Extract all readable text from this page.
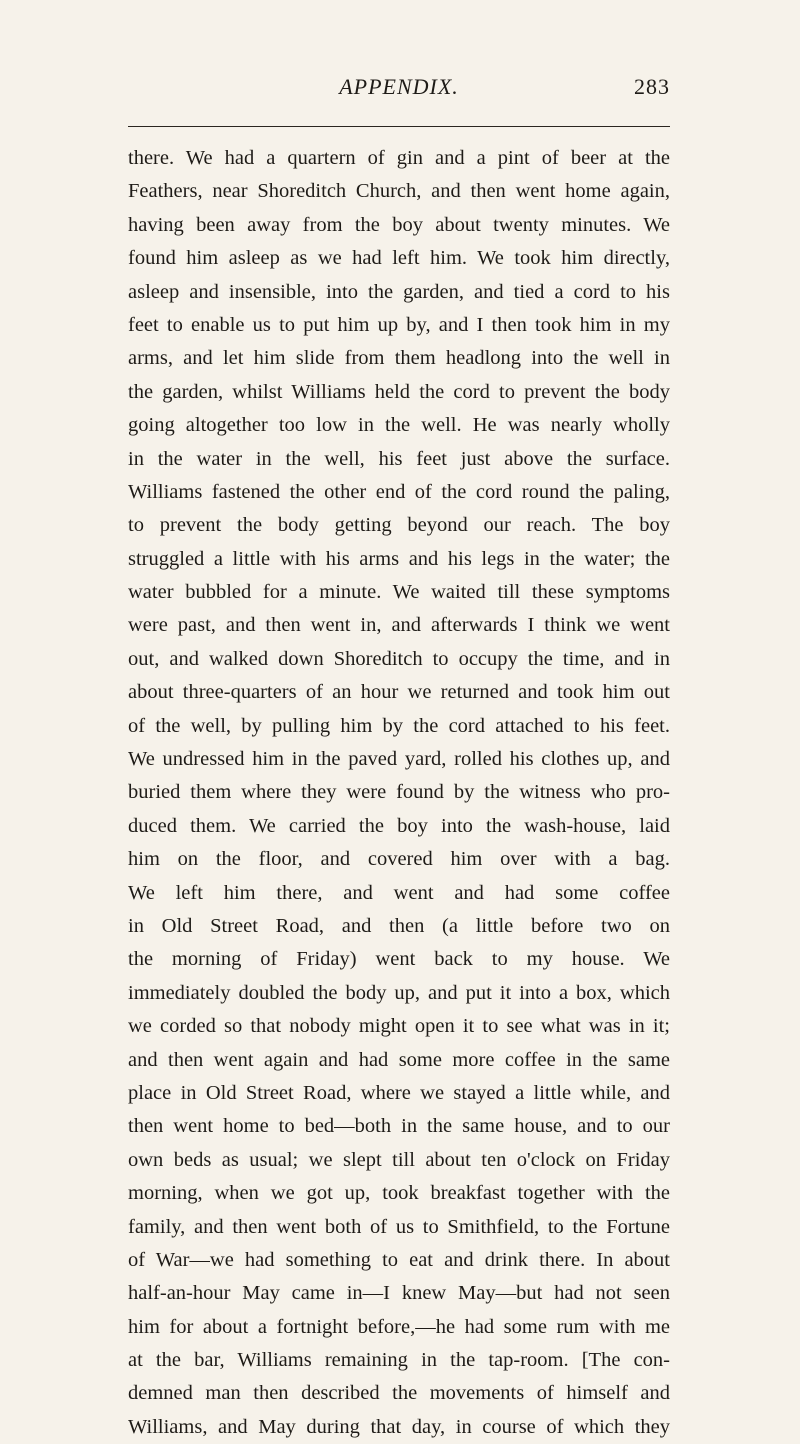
APPENDIX.	283
there. We had a quartern of gin and a pint of beer at the
Feathers, near Shoreditch Church, and then went home again,
having been away from the boy about twenty minutes. We
found him asleep as we had left him. We took him directly,
asleep and insensible, into the garden, and tied a cord to his
feet to enable us to put him up by, and I then took him in my
arms, and let him slide from them headlong into the well in
the garden, whilst Williams held the cord to prevent the body
going altogether too low in the well. He was nearly wholly
in the water in the well, his feet just above the surface.
Williams fastened the other end of the cord round the paling,
to prevent the body getting beyond our reach. The boy
struggled a little with his arms and his legs in the water; the
water bubbled for a minute. We waited till these symptoms
were past, and then went in, and afterwards I think we went
out, and walked down Shoreditch to occupy the time, and in
about three-quarters of an hour we returned and took him out
of the well, by pulling him by the cord attached to his feet.
We undressed him in the paved yard, rolled his clothes up, and
buried them where they were found by the witness who pro-
duced them. We carried the boy into the wash-house, laid
him on the floor, and covered him over with a bag.
We left him there, and went and had some coffee
in Old Street Road, and then (a little before two on
the morning of Friday) went back to my house. We
immediately doubled the body up, and put it into a box, which
we corded so that nobody might open it to see what was in it;
and then went again and had some more coffee in the same
place in Old Street Road, where we stayed a little while, and
then went home to bed—both in the same house, and to our
own beds as usual; we slept till about ten o'clock on Friday
morning, when we got up, took breakfast together with the
family, and then went both of us to Smithfield, to the Fortune
of War—we had something to eat and drink there. In about
half-an-hour May came in—I knew May—but had not seen
him for about a fortnight before,—he had some rum with me
at the bar, Williams remaining in the tap-room. [The con-
demned man then described the movements of himself and
Williams, and May during that day, in course of which they
